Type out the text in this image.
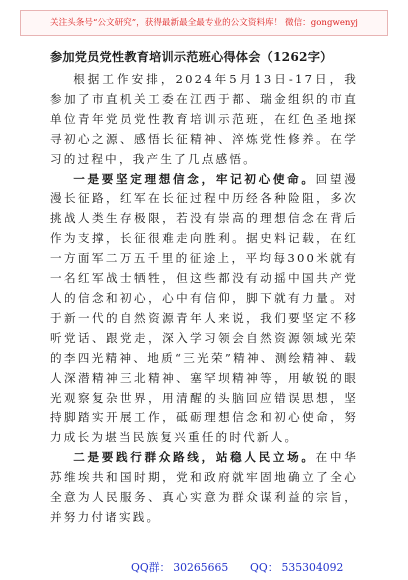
关注头条号“公文研究”，获得最新最全最专业的公文资料库！ 微信：gongwenyj
参加党员党性教育培训示范班心得体会（1262字）

根据工作安排，2024年5月13日-17日，我参加了市直机关工委在江西于都、瑞金组织的市直单位青年党员党性教育培训示范班，在红色圣地探寻初心之源、感悟长征精神、淬炼党性修养。在学习的过程中，我产生了几点感悟。

一是要坚定理想信念，牢记初心使命。回望漫漫长征路，红军在长征过程中历经各种险阻，多次挑战人类生存极限，若没有崇高的理想信念在背后作为支撑，长征很难走向胜利。据史料记载，在红一方面军二万五千里的征途上，平均每300米就有一名红军战士牺牲，但这些都没有动摇中国共产党人的信念和初心，心中有信仰，脚下就有力量。对于新一代的自然资源青年人来说，我们要坚定不移听党话、跟党走，深入学习领会自然资源领域光荣的李四光精神、地质“三光荣”精神、测绘精神、载人深潜精神三北精神、塞罕坝精神等，用敏锐的眼光观察复杂世界，用清醒的头脑回应错误思想，坚持脚踏实开展工作，砥砺理想信念和初心使命，努力成长为堪当民族复兴重任的时代新人。

二是要践行群众路线，站稳人民立场。在中华苏维埃共和国时期，党和政府就牢固地确立了全心全意为人民服务、真心实意为群众谋利益的宗旨，并努力付诸实践。

QQ群： 30265665 QQ： 535304092
